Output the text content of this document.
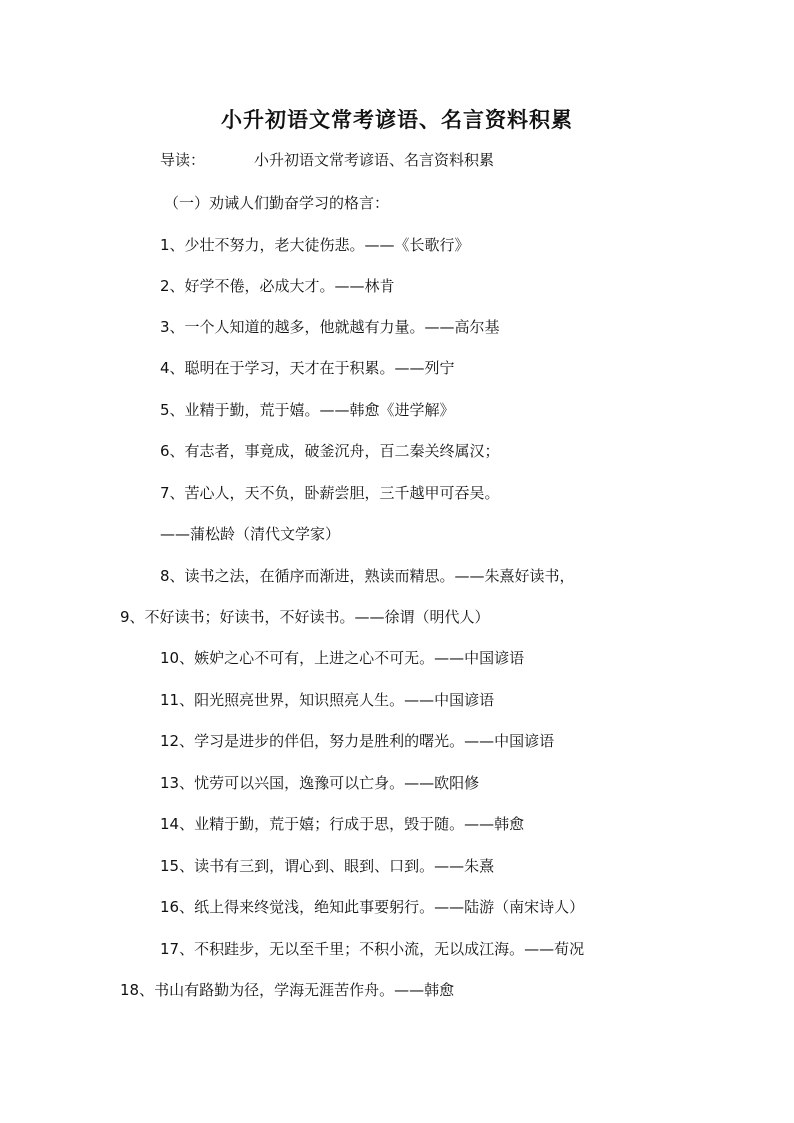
小升初语文常考谚语、名言资料积累
导读：	小升初语文常考谚语、名言资料积累
（一）劝诫人们勤奋学习的格言：
1、少壮不努力，老大徒伤悲。——《长歌行》
2、好学不倦，必成大才。——林肯
3、一个人知道的越多，他就越有力量。——高尔基
4、聪明在于学习，天才在于积累。——列宁
5、业精于勤，荒于嬉。——韩愈《进学解》
6、有志者，事竟成，破釜沉舟，百二秦关终属汉；
7、苦心人，天不负，卧薪尝胆，三千越甲可吞吴。
——蒲松龄（清代文学家）
8、读书之法，在循序而渐进，熟读而精思。——朱熹好读书，
9、不好读书；好读书，不好读书。——徐谓（明代人）
10、嫉妒之心不可有，上进之心不可无。——中国谚语
11、阳光照亮世界，知识照亮人生。——中国谚语
12、学习是进步的伴侣，努力是胜利的曙光。——中国谚语
13、忧劳可以兴国，逸豫可以亡身。——欧阳修
14、业精于勤，荒于嬉；行成于思，毁于随。——韩愈
15、读书有三到，谓心到、眼到、口到。——朱熹
16、纸上得来终觉浅，绝知此事要躬行。——陆游（南宋诗人）
17、不积跬步，无以至千里；不积小流，无以成江海。——荀况
18、书山有路勤为径，学海无涯苦作舟。——韩愈
